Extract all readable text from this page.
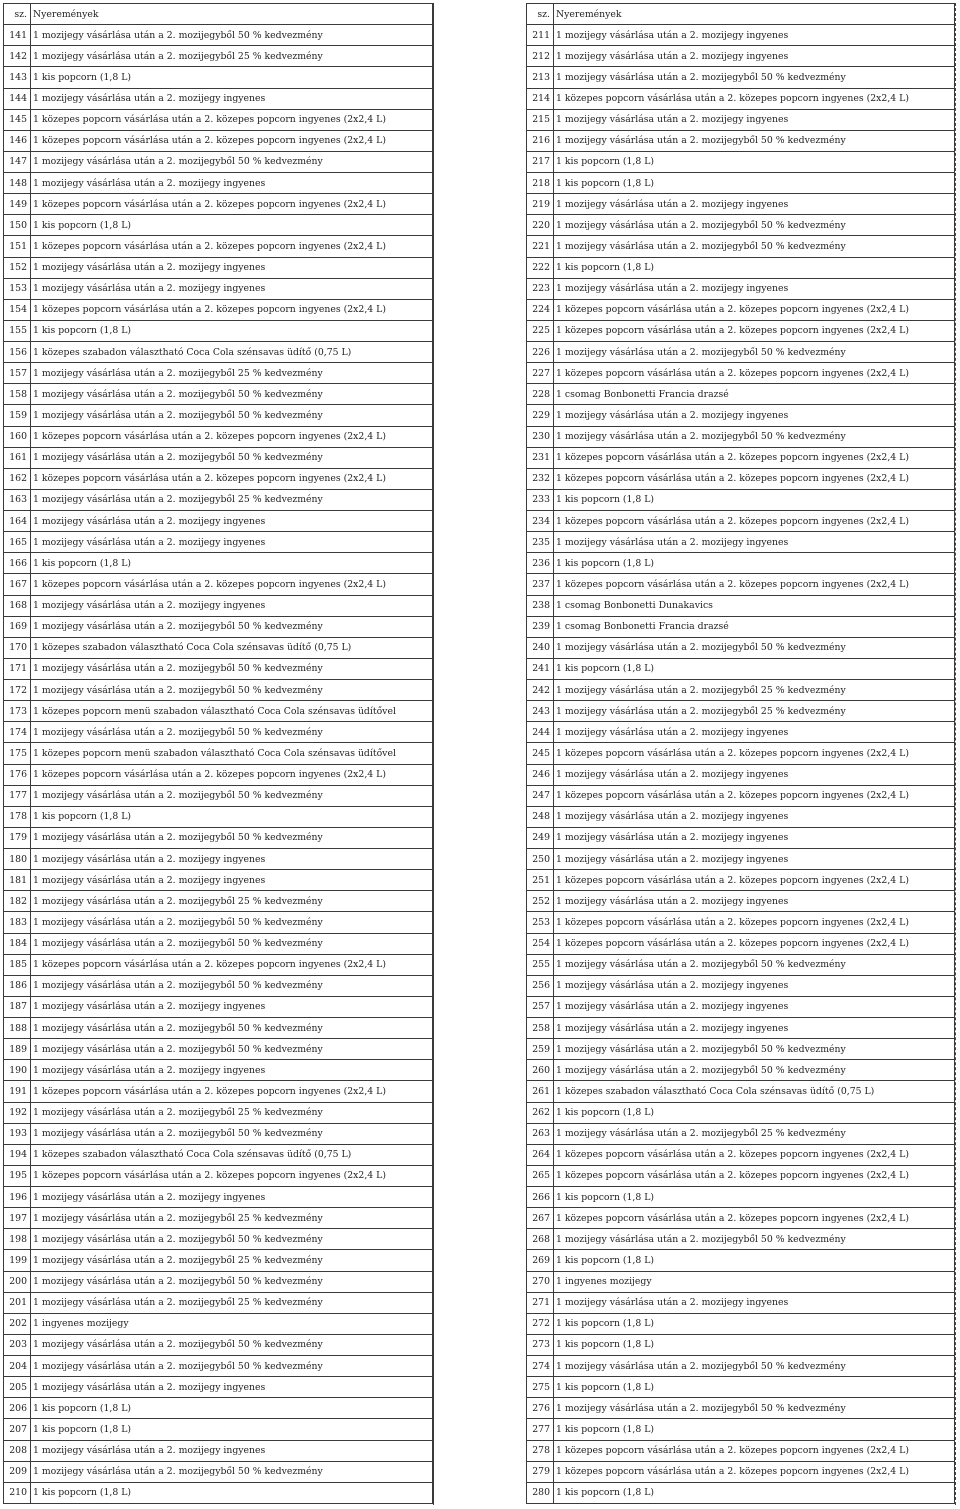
sz.	Nyeremények
141	1 mozijegy vásárlása után a 2. mozijegyből 50 % kedvezmény
142	1 mozijegy vásárlása után a 2. mozijegyből 25 % kedvezmény
143	1 kis popcorn (1,8 L)
144	1 mozijegy vásárlása után a 2. mozijegy ingyenes
145	1 közepes popcorn vásárlása után a 2. közepes popcorn ingyenes (2x2,4 L)
146	1 közepes popcorn vásárlása után a 2. közepes popcorn ingyenes (2x2,4 L)
147	1 mozijegy vásárlása után a 2. mozijegyből 50 % kedvezmény
148	1 mozijegy vásárlása után a 2. mozijegy ingyenes
149	1 közepes popcorn vásárlása után a 2. közepes popcorn ingyenes (2x2,4 L)
150	1 kis popcorn (1,8 L)
151	1 közepes popcorn vásárlása után a 2. közepes popcorn ingyenes (2x2,4 L)
152	1 mozijegy vásárlása után a 2. mozijegy ingyenes
153	1 mozijegy vásárlása után a 2. mozijegy ingyenes
154	1 közepes popcorn vásárlása után a 2. közepes popcorn ingyenes (2x2,4 L)
155	1 kis popcorn (1,8 L)
156	1 közepes szabadon választható Coca Cola szénsavas üdítő (0,75 L)
157	1 mozijegy vásárlása után a 2. mozijegyből 25 % kedvezmény
158	1 mozijegy vásárlása után a 2. mozijegyből 50 % kedvezmény
159	1 mozijegy vásárlása után a 2. mozijegyből 50 % kedvezmény
160	1 közepes popcorn vásárlása után a 2. közepes popcorn ingyenes (2x2,4 L)
161	1 mozijegy vásárlása után a 2. mozijegyből 50 % kedvezmény
162	1 közepes popcorn vásárlása után a 2. közepes popcorn ingyenes (2x2,4 L)
163	1 mozijegy vásárlása után a 2. mozijegyből 25 % kedvezmény
164	1 mozijegy vásárlása után a 2. mozijegy ingyenes
165	1 mozijegy vásárlása után a 2. mozijegy ingyenes
166	1 kis popcorn (1,8 L)
167	1 közepes popcorn vásárlása után a 2. közepes popcorn ingyenes (2x2,4 L)
168	1 mozijegy vásárlása után a 2. mozijegy ingyenes
169	1 mozijegy vásárlása után a 2. mozijegyből 50 % kedvezmény
170	1 közepes szabadon választható Coca Cola szénsavas üdítő (0,75 L)
171	1 mozijegy vásárlása után a 2. mozijegyből 50 % kedvezmény
172	1 mozijegy vásárlása után a 2. mozijegyből 50 % kedvezmény
173	1 közepes popcorn menü szabadon választható Coca Cola szénsavas üdítővel
174	1 mozijegy vásárlása után a 2. mozijegyből 50 % kedvezmény
175	1 közepes popcorn menü szabadon választható Coca Cola szénsavas üdítővel
176	1 közepes popcorn vásárlása után a 2. közepes popcorn ingyenes (2x2,4 L)
177	1 mozijegy vásárlása után a 2. mozijegyből 50 % kedvezmény
178	1 kis popcorn (1,8 L)
179	1 mozijegy vásárlása után a 2. mozijegyből 50 % kedvezmény
180	1 mozijegy vásárlása után a 2. mozijegy ingyenes
181	1 mozijegy vásárlása után a 2. mozijegy ingyenes
182	1 mozijegy vásárlása után a 2. mozijegyből 25 % kedvezmény
183	1 mozijegy vásárlása után a 2. mozijegyből 50 % kedvezmény
184	1 mozijegy vásárlása után a 2. mozijegyből 50 % kedvezmény
185	1 közepes popcorn vásárlása után a 2. közepes popcorn ingyenes (2x2,4 L)
186	1 mozijegy vásárlása után a 2. mozijegyből 50 % kedvezmény
187	1 mozijegy vásárlása után a 2. mozijegy ingyenes
188	1 mozijegy vásárlása után a 2. mozijegyből 50 % kedvezmény
189	1 mozijegy vásárlása után a 2. mozijegyből 50 % kedvezmény
190	1 mozijegy vásárlása után a 2. mozijegy ingyenes
191	1 közepes popcorn vásárlása után a 2. közepes popcorn ingyenes (2x2,4 L)
192	1 mozijegy vásárlása után a 2. mozijegyből 25 % kedvezmény
193	1 mozijegy vásárlása után a 2. mozijegyből 50 % kedvezmény
194	1 közepes szabadon választható Coca Cola szénsavas üdítő (0,75 L)
195	1 közepes popcorn vásárlása után a 2. közepes popcorn ingyenes (2x2,4 L)
196	1 mozijegy vásárlása után a 2. mozijegy ingyenes
197	1 mozijegy vásárlása után a 2. mozijegyből 25 % kedvezmény
198	1 mozijegy vásárlása után a 2. mozijegyből 50 % kedvezmény
199	1 mozijegy vásárlása után a 2. mozijegyből 25 % kedvezmény
200	1 mozijegy vásárlása után a 2. mozijegyből 50 % kedvezmény
201	1 mozijegy vásárlása után a 2. mozijegyből 25 % kedvezmény
202	1 ingyenes mozijegy
203	1 mozijegy vásárlása után a 2. mozijegyből 50 % kedvezmény
204	1 mozijegy vásárlása után a 2. mozijegyből 50 % kedvezmény
205	1 mozijegy vásárlása után a 2. mozijegy ingyenes
206	1 kis popcorn (1,8 L)
207	1 kis popcorn (1,8 L)
208	1 mozijegy vásárlása után a 2. mozijegy ingyenes
209	1 mozijegy vásárlása után a 2. mozijegyből 50 % kedvezmény
210	1 kis popcorn (1,8 L)
sz.	Nyeremények
211	1 mozijegy vásárlása után a 2. mozijegy ingyenes
212	1 mozijegy vásárlása után a 2. mozijegy ingyenes
213	1 mozijegy vásárlása után a 2. mozijegyből 50 % kedvezmény
214	1 közepes popcorn vásárlása után a 2. közepes popcorn ingyenes (2x2,4 L)
215	1 mozijegy vásárlása után a 2. mozijegy ingyenes
216	1 mozijegy vásárlása után a 2. mozijegyből 50 % kedvezmény
217	1 kis popcorn (1,8 L)
218	1 kis popcorn (1,8 L)
219	1 mozijegy vásárlása után a 2. mozijegy ingyenes
220	1 mozijegy vásárlása után a 2. mozijegyből 50 % kedvezmény
221	1 mozijegy vásárlása után a 2. mozijegyből 50 % kedvezmény
222	1 kis popcorn (1,8 L)
223	1 mozijegy vásárlása után a 2. mozijegy ingyenes
224	1 közepes popcorn vásárlása után a 2. közepes popcorn ingyenes (2x2,4 L)
225	1 közepes popcorn vásárlása után a 2. közepes popcorn ingyenes (2x2,4 L)
226	1 mozijegy vásárlása után a 2. mozijegyből 50 % kedvezmény
227	1 közepes popcorn vásárlása után a 2. közepes popcorn ingyenes (2x2,4 L)
228	1 csomag Bonbonetti Francia drazsé
229	1 mozijegy vásárlása után a 2. mozijegy ingyenes
230	1 mozijegy vásárlása után a 2. mozijegyből 50 % kedvezmény
231	1 közepes popcorn vásárlása után a 2. közepes popcorn ingyenes (2x2,4 L)
232	1 közepes popcorn vásárlása után a 2. közepes popcorn ingyenes (2x2,4 L)
233	1 kis popcorn (1,8 L)
234	1 közepes popcorn vásárlása után a 2. közepes popcorn ingyenes (2x2,4 L)
235	1 mozijegy vásárlása után a 2. mozijegy ingyenes
236	1 kis popcorn (1,8 L)
237	1 közepes popcorn vásárlása után a 2. közepes popcorn ingyenes (2x2,4 L)
238	1 csomag Bonbonetti Dunakavics
239	1 csomag Bonbonetti Francia drazsé
240	1 mozijegy vásárlása után a 2. mozijegyből 50 % kedvezmény
241	1 kis popcorn (1,8 L)
242	1 mozijegy vásárlása után a 2. mozijegyből 25 % kedvezmény
243	1 mozijegy vásárlása után a 2. mozijegyből 25 % kedvezmény
244	1 mozijegy vásárlása után a 2. mozijegy ingyenes
245	1 közepes popcorn vásárlása után a 2. közepes popcorn ingyenes (2x2,4 L)
246	1 mozijegy vásárlása után a 2. mozijegy ingyenes
247	1 közepes popcorn vásárlása után a 2. közepes popcorn ingyenes (2x2,4 L)
248	1 mozijegy vásárlása után a 2. mozijegy ingyenes
249	1 mozijegy vásárlása után a 2. mozijegy ingyenes
250	1 mozijegy vásárlása után a 2. mozijegy ingyenes
251	1 közepes popcorn vásárlása után a 2. közepes popcorn ingyenes (2x2,4 L)
252	1 mozijegy vásárlása után a 2. mozijegy ingyenes
253	1 közepes popcorn vásárlása után a 2. közepes popcorn ingyenes (2x2,4 L)
254	1 közepes popcorn vásárlása után a 2. közepes popcorn ingyenes (2x2,4 L)
255	1 mozijegy vásárlása után a 2. mozijegyből 50 % kedvezmény
256	1 mozijegy vásárlása után a 2. mozijegy ingyenes
257	1 mozijegy vásárlása után a 2. mozijegy ingyenes
258	1 mozijegy vásárlása után a 2. mozijegy ingyenes
259	1 mozijegy vásárlása után a 2. mozijegyből 50 % kedvezmény
260	1 mozijegy vásárlása után a 2. mozijegyből 50 % kedvezmény
261	1 közepes szabadon választható Coca Cola szénsavas üdítő (0,75 L)
262	1 kis popcorn (1,8 L)
263	1 mozijegy vásárlása után a 2. mozijegyből 25 % kedvezmény
264	1 közepes popcorn vásárlása után a 2. közepes popcorn ingyenes (2x2,4 L)
265	1 közepes popcorn vásárlása után a 2. közepes popcorn ingyenes (2x2,4 L)
266	1 kis popcorn (1,8 L)
267	1 közepes popcorn vásárlása után a 2. közepes popcorn ingyenes (2x2,4 L)
268	1 mozijegy vásárlása után a 2. mozijegyből 50 % kedvezmény
269	1 kis popcorn (1,8 L)
270	1 ingyenes mozijegy
271	1 mozijegy vásárlása után a 2. mozijegy ingyenes
272	1 kis popcorn (1,8 L)
273	1 kis popcorn (1,8 L)
274	1 mozijegy vásárlása után a 2. mozijegyből 50 % kedvezmény
275	1 kis popcorn (1,8 L)
276	1 mozijegy vásárlása után a 2. mozijegyből 50 % kedvezmény
277	1 kis popcorn (1,8 L)
278	1 közepes popcorn vásárlása után a 2. közepes popcorn ingyenes (2x2,4 L)
279	1 közepes popcorn vásárlása után a 2. közepes popcorn ingyenes (2x2,4 L)
280	1 kis popcorn (1,8 L)
